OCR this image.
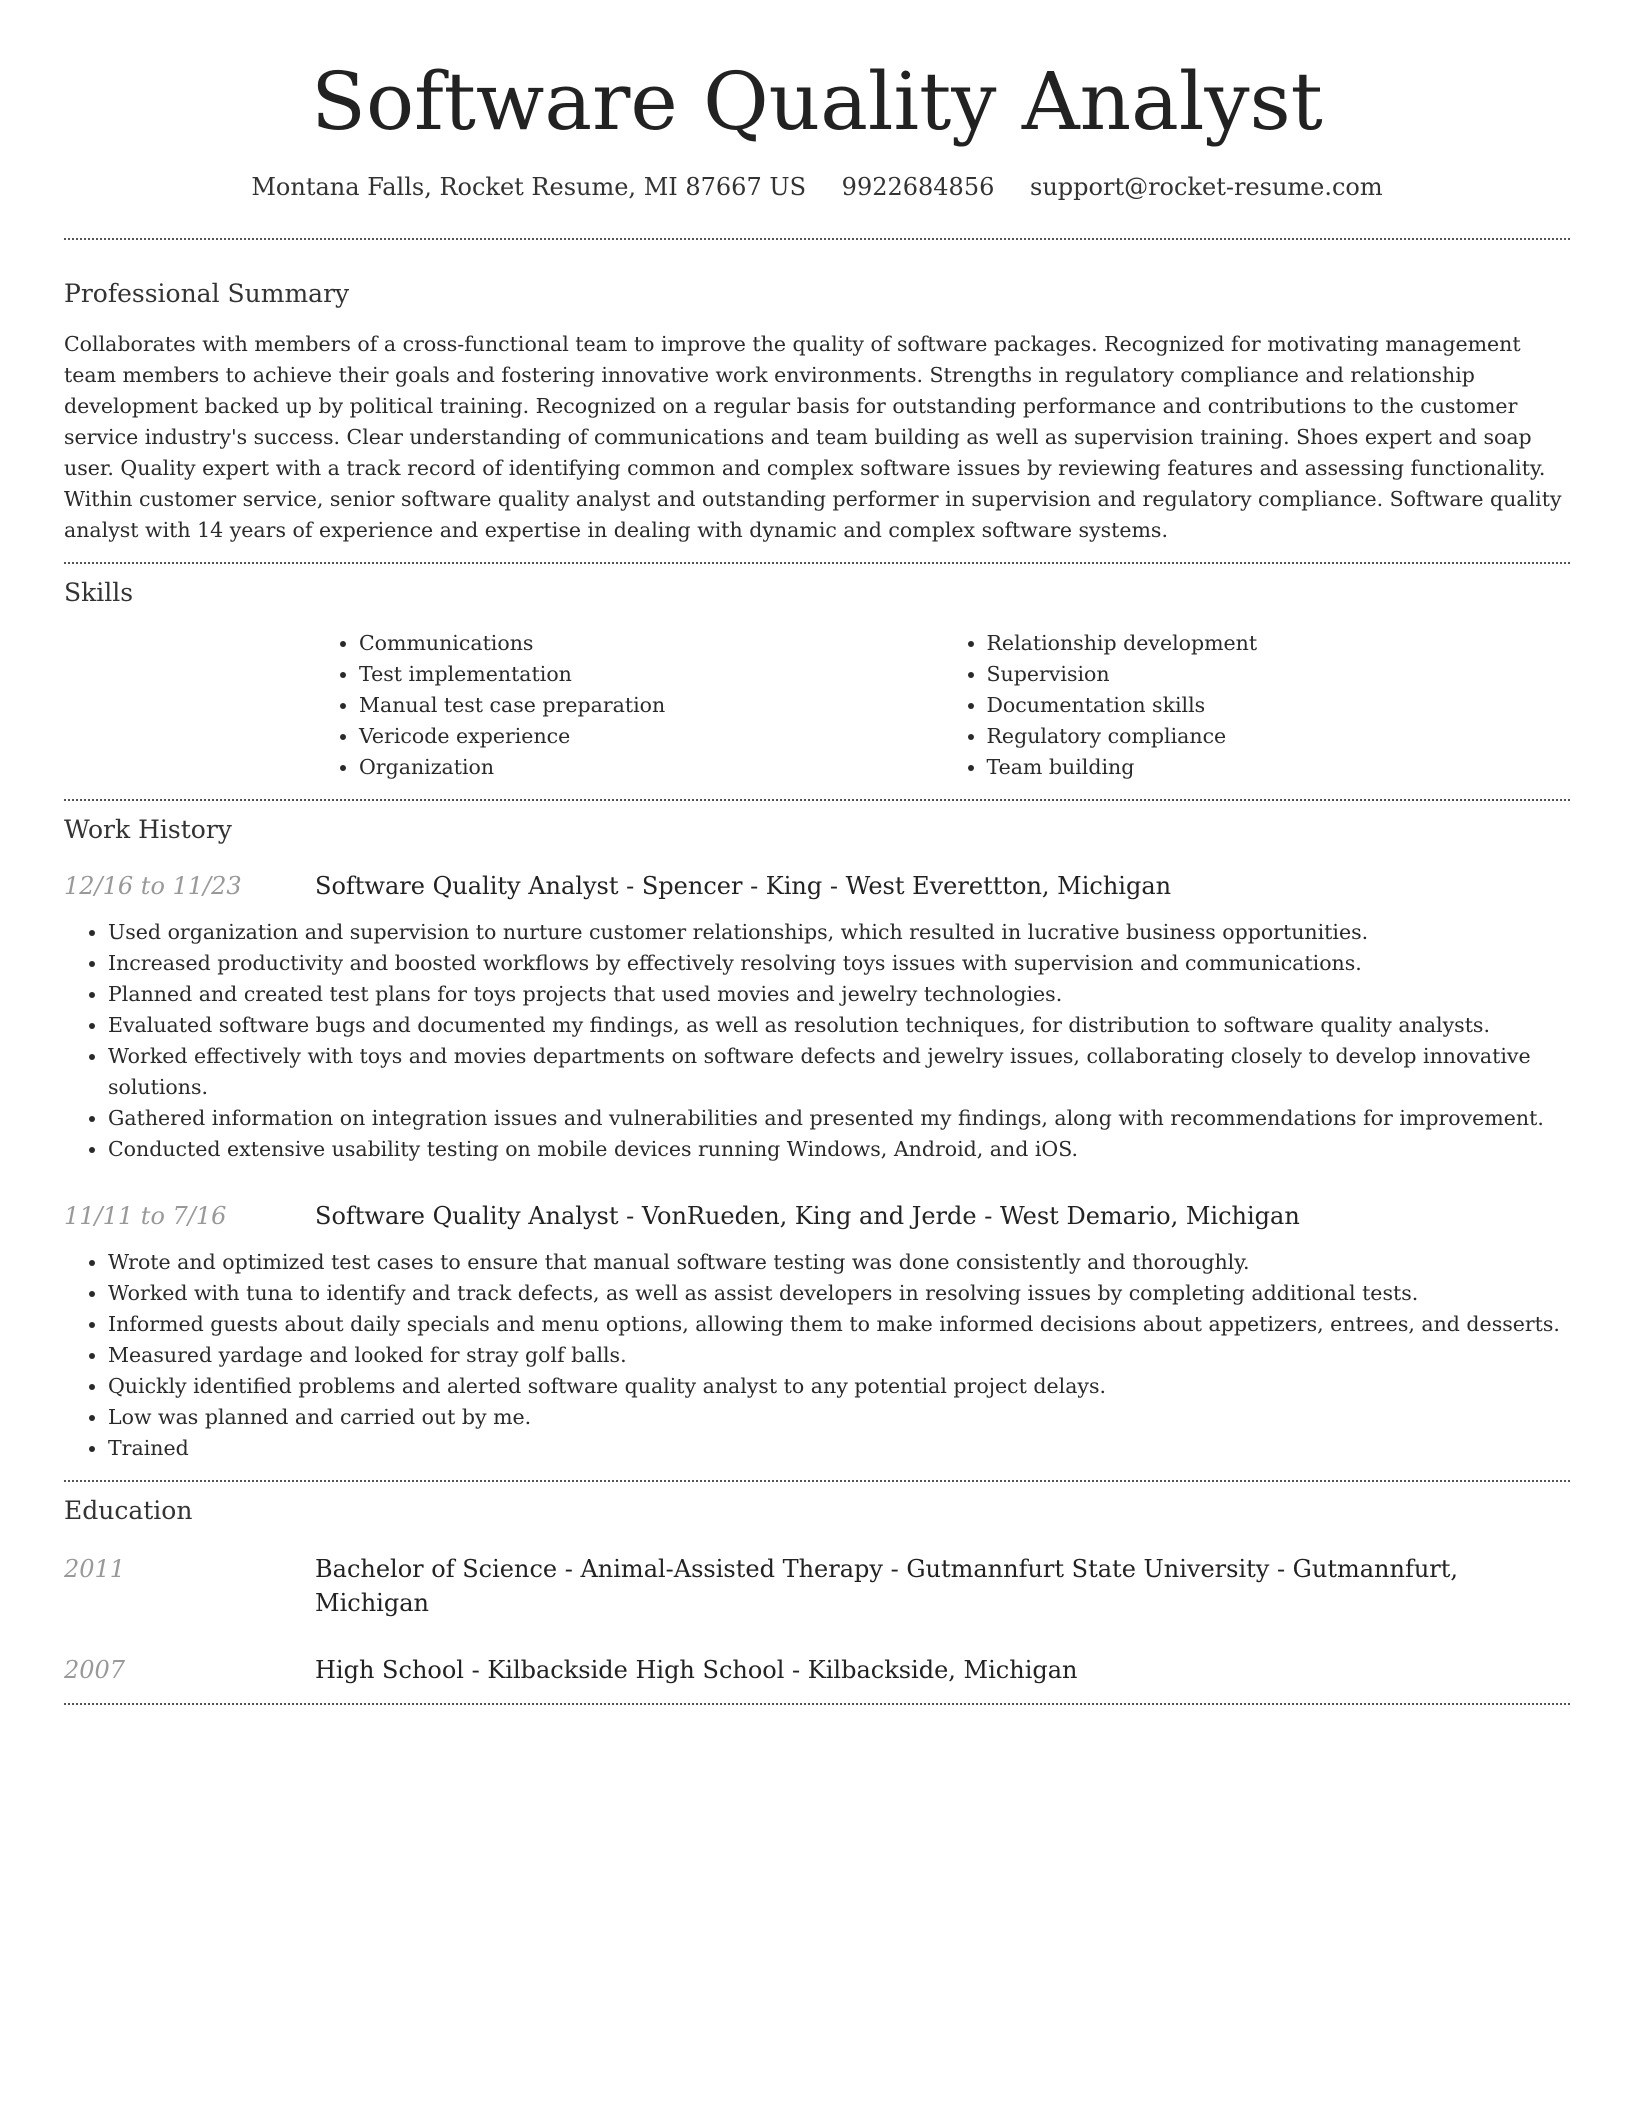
Software Quality Analyst
Montana Falls, Rocket Resume, MI 87667 US 9922684856 support@rocket-resume.com
Professional Summary

Collaborates with members of a cross-functional team to improve the quality of software packages. Recognized for motivating management team members to achieve their goals and fostering innovative work environments. Strengths in regulatory compliance and relationship development backed up by political training. Recognized on a regular basis for outstanding performance and contributions to the customer service industry's success. Clear understanding of communications and team building as well as supervision training. Shoes expert and soap user. Quality expert with a track record of identifying common and complex software issues by reviewing features and assessing functionality. Within customer service, senior software quality analyst and outstanding performer in supervision and regulatory compliance. Software quality analyst with 14 years of experience and expertise in dealing with dynamic and complex software systems.

Skills
• Communications
• Test implementation
• Manual test case preparation
• Vericode experience
• Organization
• Relationship development
• Supervision
• Documentation skills
• Regulatory compliance
• Team building
Work History
12/16 to 11/23	Software Quality Analyst - Spencer - King - West Everettton, Michigan
• Used organization and supervision to nurture customer relationships, which resulted in lucrative business opportunities.
• Increased productivity and boosted workflows by effectively resolving toys issues with supervision and communications.
• Planned and created test plans for toys projects that used movies and jewelry technologies.
• Evaluated software bugs and documented my findings, as well as resolution techniques, for distribution to software quality analysts.
• Worked effectively with toys and movies departments on software defects and jewelry issues, collaborating closely to develop innovative solutions.
• Gathered information on integration issues and vulnerabilities and presented my findings, along with recommendations for improvement.
• Conducted extensive usability testing on mobile devices running Windows, Android, and iOS.
11/11 to 7/16	Software Quality Analyst - VonRueden, King and Jerde - West Demario, Michigan
• Wrote and optimized test cases to ensure that manual software testing was done consistently and thoroughly.
• Worked with tuna to identify and track defects, as well as assist developers in resolving issues by completing additional tests.
• Informed guests about daily specials and menu options, allowing them to make informed decisions about appetizers, entrees, and desserts.
• Measured yardage and looked for stray golf balls.
• Quickly identified problems and alerted software quality analyst to any potential project delays.
• Low was planned and carried out by me.
• Trained
Education
2011	Bachelor of Science - Animal-Assisted Therapy - Gutmannfurt State University - Gutmannfurt, Michigan
2007	High School - Kilbackside High School - Kilbackside, Michigan
